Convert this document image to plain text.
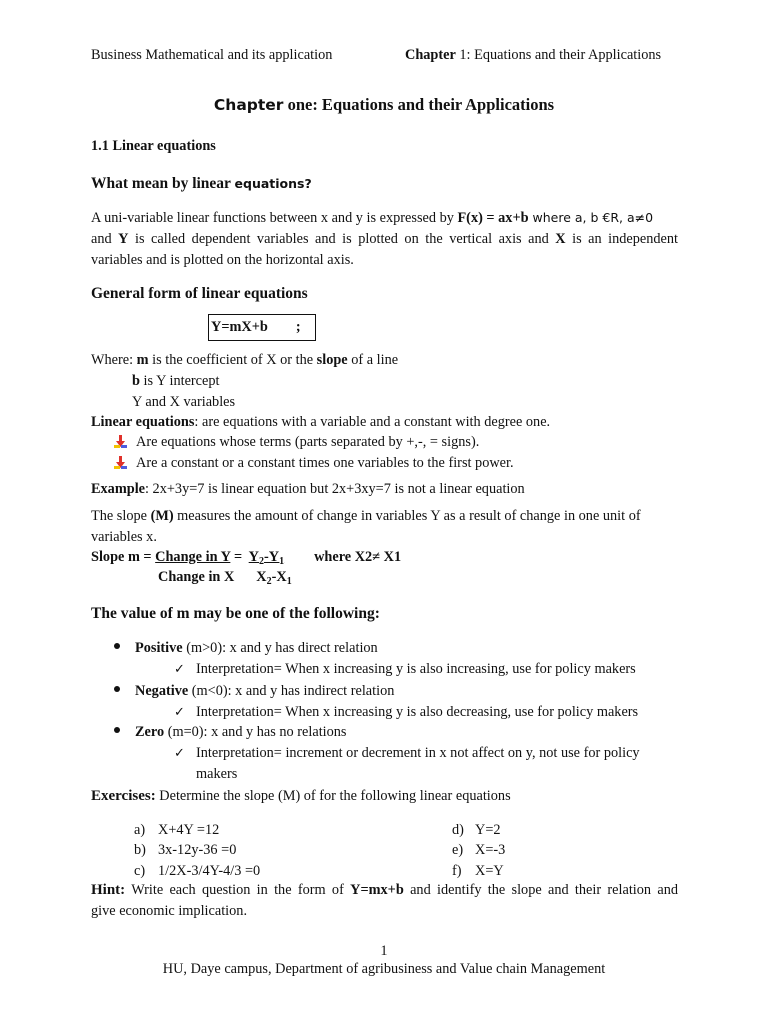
Business Mathematical and its application	Chapter 1: Equations and their Applications
Chapter one: Equations and their Applications
1.1 Linear equations
What mean by linear equations?
A uni-variable linear functions between x and y is expressed by F(x) = ax+b where a, b €R, a≠0
and Y is called dependent variables and is plotted on the vertical axis and X is an independent
variables and is plotted on the horizontal axis.
General form of linear equations
Y=mX+b ;
Where: m is the coefficient of X or the slope of a line
b is Y intercept
Y and X variables
Linear equations: are equations with a variable and a constant with degree one.
Are equations whose terms (parts separated by +,-, = signs).
Are a constant or a constant times one variables to the first power.
Example: 2x+3y=7 is linear equation but 2x+3xy=7 is not a linear equation
The slope (M) measures the amount of change in variables Y as a result of change in one unit of
variables x.
Slope m = Change in $Y = Y_2-Y_1$ where X2≠ X1
Change in X $X_2-X_1$
The value of m may be one of the following:
Positive (m>0): x and y has direct relation
✓ Interpretation= When x increasing y is also increasing, use for policy makers
Negative (m<0): x and y has indirect relation
✓ Interpretation= When x increasing y is also decreasing, use for policy makers
Zero (m=0): x and y has no relations
✓ Interpretation= increment or decrement in x not affect on y, not use for policy
makers
Exercises: Determine the slope (M) of for the following linear equations
a) X+4Y =12
b) 3x-12y-36 =0
c) 1/2X-3/4Y-4/3 =0
d) Y=2
e) X=-3
f) X=Y
Hint: Write each question in the form of Y=mx+b and identify the slope and their relation and
give economic implication.
1
HU, Daye campus, Department of agribusiness and Value chain Management
